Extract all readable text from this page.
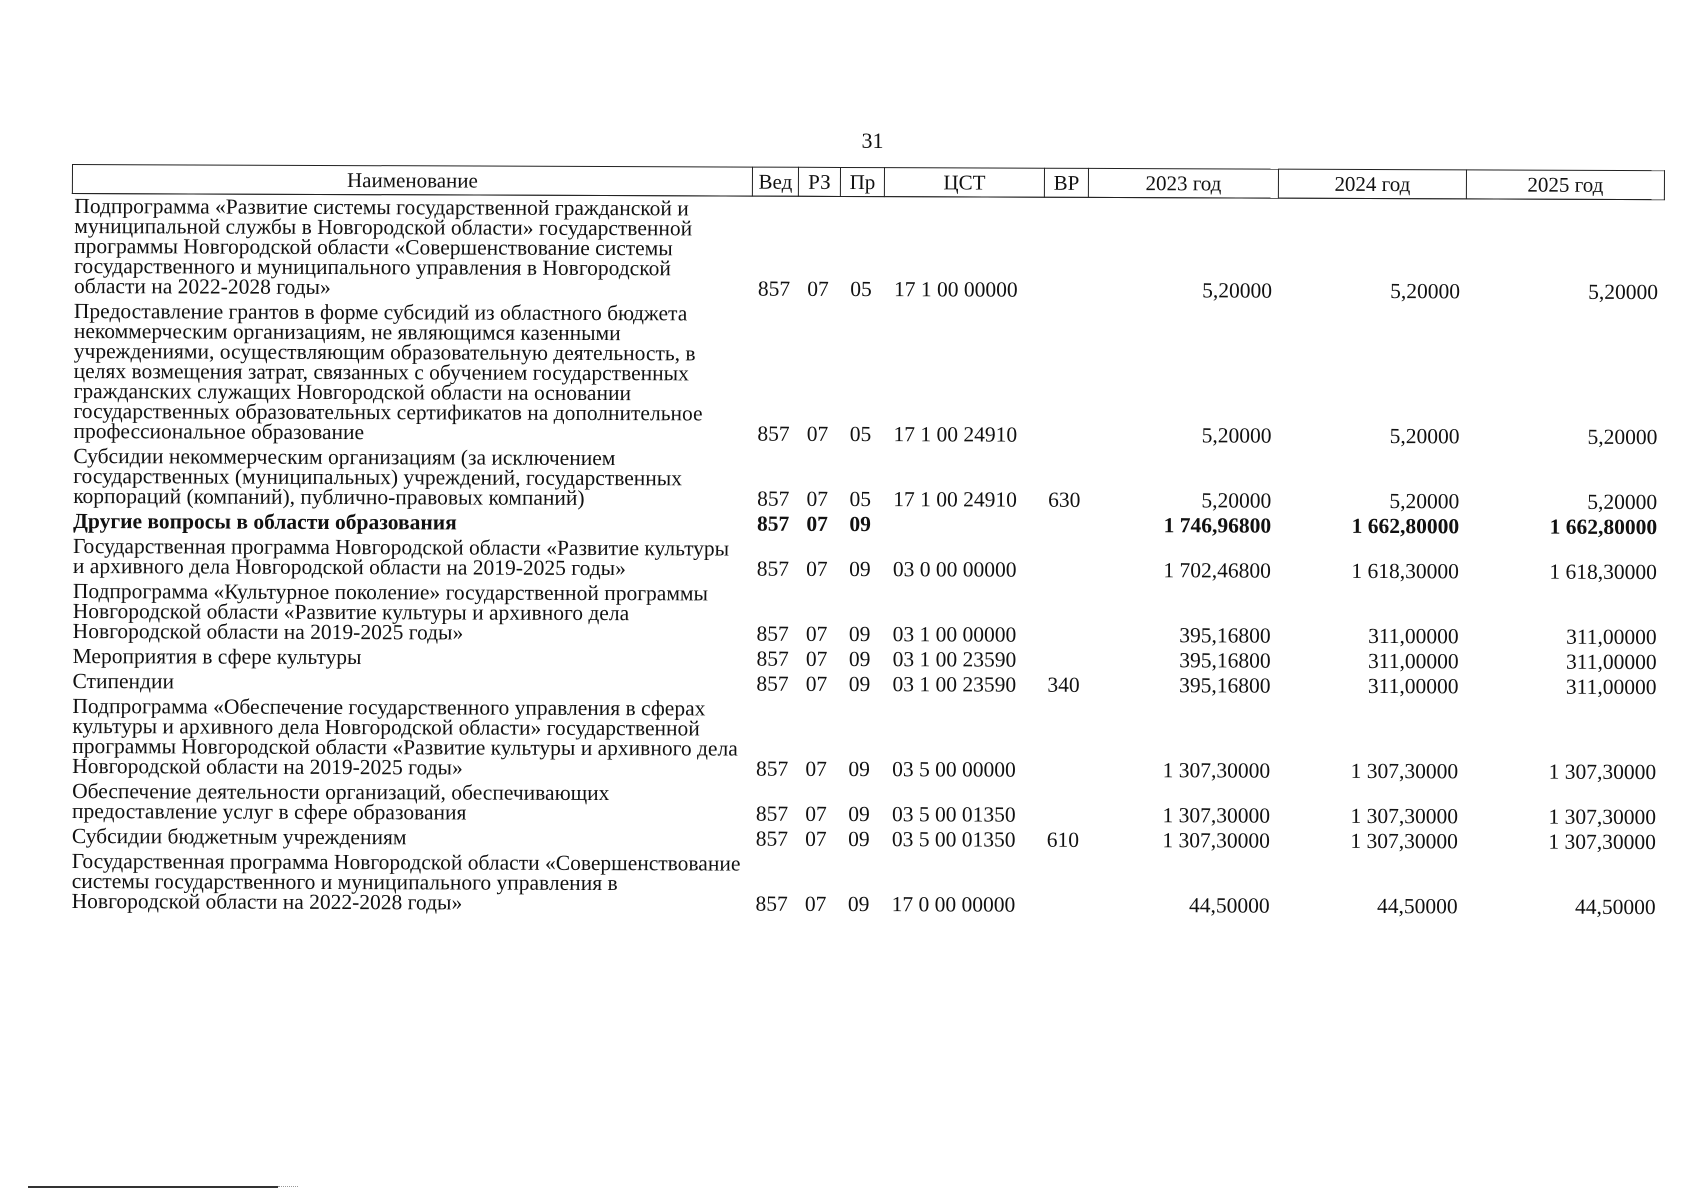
31
Наименование	Вед	РЗ	Пр	ЦСТ	ВР	2023 год	2024 год	2025 год
Подпрограмма «Развитие системы государственной гражданской и муниципальной службы в Новгородской области» государственной программы Новгородской области «Совершенствование системы государственного и муниципального управления в Новгородской области на 2022-2028 годы»	857	07	05	17 1 00 00000		5,20000	5,20000	5,20000
Предоставление грантов в форме субсидий из областного бюджета некоммерческим организациям, не являющимся казенными учреждениями, осуществляющим образовательную деятельность, в целях возмещения затрат, связанных с обучением государственных гражданских служащих Новгородской области на основании государственных образовательных сертификатов на дополнительное профессиональное образование	857	07	05	17 1 00 24910		5,20000	5,20000	5,20000
Субсидии некоммерческим организациям (за исключением государственных (муниципальных) учреждений, государственных корпораций (компаний), публично-правовых компаний)	857	07	05	17 1 00 24910	630	5,20000	5,20000	5,20000
Другие вопросы в области образования	857	07	09			1 746,96800	1 662,80000	1 662,80000
Государственная программа Новгородской области «Развитие культуры и архивного дела Новгородской области на 2019-2025 годы»	857	07	09	03 0 00 00000		1 702,46800	1 618,30000	1 618,30000
Подпрограмма «Культурное поколение» государственной программы Новгородской области «Развитие культуры и архивного дела Новгородской области на 2019-2025 годы»	857	07	09	03 1 00 00000		395,16800	311,00000	311,00000
Мероприятия в сфере культуры	857	07	09	03 1 00 23590		395,16800	311,00000	311,00000
Стипендии	857	07	09	03 1 00 23590	340	395,16800	311,00000	311,00000
Подпрограмма «Обеспечение государственного управления в сферах культуры и архивного дела Новгородской области» государственной программы Новгородской области «Развитие культуры и архивного дела Новгородской области на 2019-2025 годы»	857	07	09	03 5 00 00000		1 307,30000	1 307,30000	1 307,30000
Обеспечение деятельности организаций, обеспечивающих предоставление услуг в сфере образования	857	07	09	03 5 00 01350		1 307,30000	1 307,30000	1 307,30000
Субсидии бюджетным учреждениям	857	07	09	03 5 00 01350	610	1 307,30000	1 307,30000	1 307,30000
Государственная программа Новгородской области «Совершенствование системы государственного и муниципального управления в Новгородской области на 2022-2028 годы»	857	07	09	17 0 00 00000		44,50000	44,50000	44,50000
